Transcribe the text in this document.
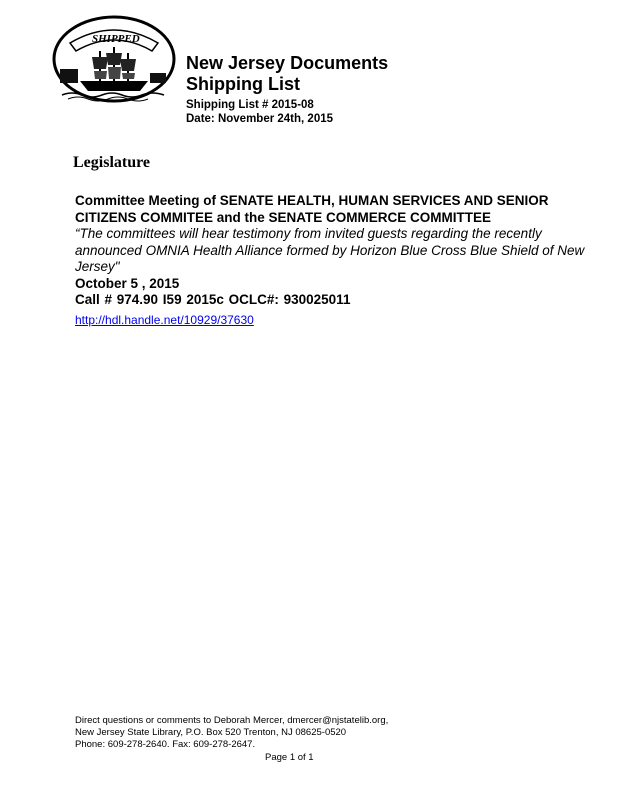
SHIPPED
New Jersey Documents
Shipping List
Shipping List # 2015-08
Date: November 24th, 2015
Legislature
Committee Meeting of SENATE HEALTH, HUMAN SERVICES AND SENIOR CITIZENS COMMITEE and the SENATE COMMERCE COMMITTEE
“The committees will hear testimony from invited guests regarding the recently announced OMNIA Health Alliance formed by Horizon Blue Cross Blue Shield of New Jersey"
October 5 , 2015
Call # 974.90 I59 2015c OCLC#: 930025011
http://hdl.handle.net/10929/37630
Direct questions or comments to Deborah Mercer, dmercer@njstatelib.org,
New Jersey State Library, P.O. Box 520 Trenton, NJ 08625-0520
Phone: 609-278-2640. Fax: 609-278-2647.
Page 1 of 1
